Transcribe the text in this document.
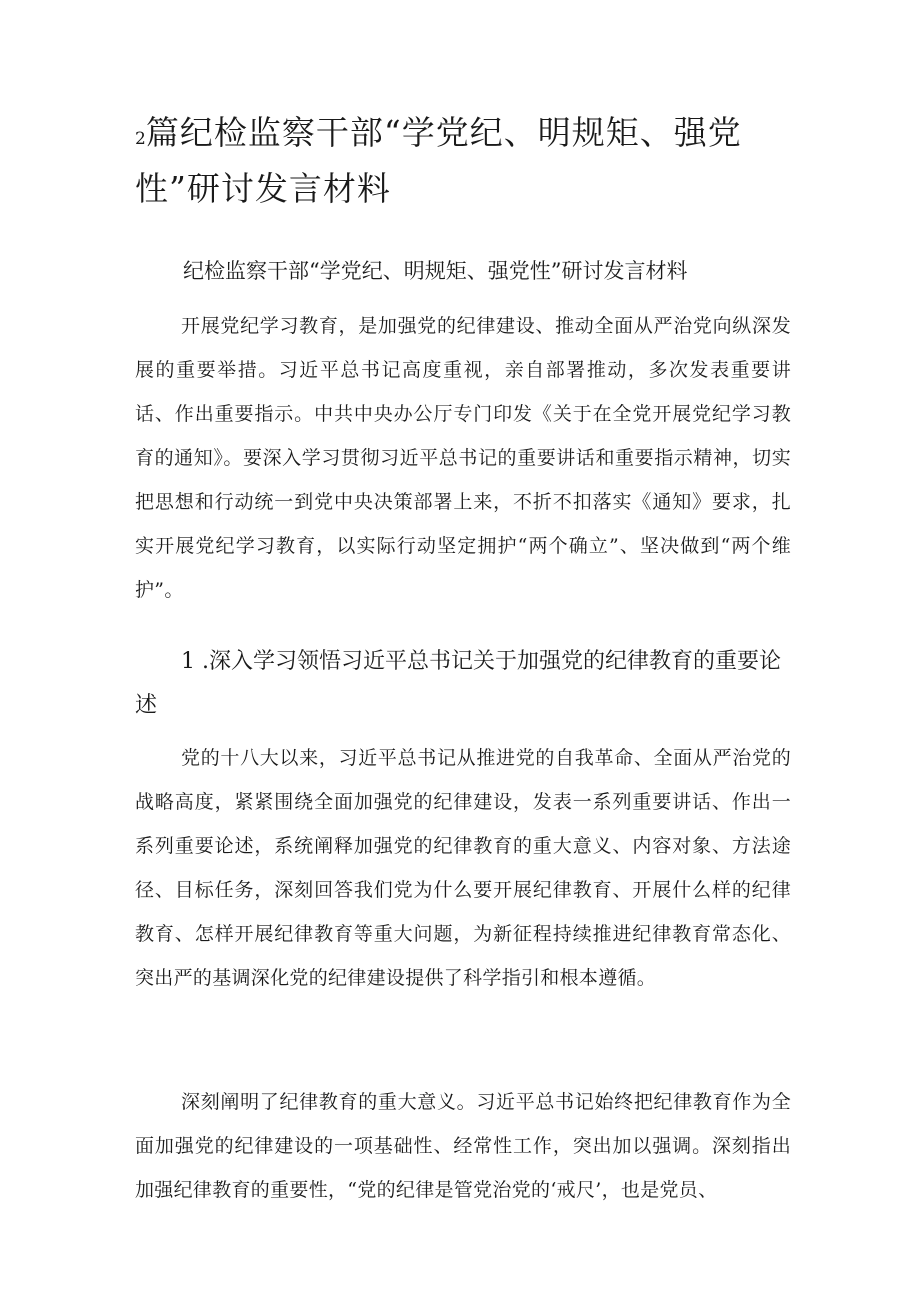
2篇纪检监察干部“学党纪、明规矩、强党性”研讨发言材料

纪检监察干部“学党纪、明规矩、强党性”研讨发言材料

开展党纪学习教育，是加强党的纪律建设、推动全面从严治党向纵深发展的重要举措。习近平总书记高度重视，亲自部署推动，多次发表重要讲话、作出重要指示。中共中央办公厅专门印发《关于在全党开展党纪学习教育的通知》。要深入学习贯彻习近平总书记的重要讲话和重要指示精神，切实把思想和行动统一到党中央决策部署上来，不折不扣落实《通知》要求，扎实开展党纪学习教育，以实际行动坚定拥护“两个确立”、坚决做到“两个维护”。

1 .深入学习领悟习近平总书记关于加强党的纪律教育的重要论述

党的十八大以来，习近平总书记从推进党的自我革命、全面从严治党的战略高度，紧紧围绕全面加强党的纪律建设，发表一系列重要讲话、作出一系列重要论述，系统阐释加强党的纪律教育的重大意义、内容对象、方法途径、目标任务，深刻回答我们党为什么要开展纪律教育、开展什么样的纪律教育、怎样开展纪律教育等重大问题，为新征程持续推进纪律教育常态化、突出严的基调深化党的纪律建设提供了科学指引和根本遵循。

深刻阐明了纪律教育的重大意义。习近平总书记始终把纪律教育作为全面加强党的纪律建设的一项基础性、经常性工作，突出加以强调。深刻指出加强纪律教育的重要性，“党的纪律是管党治党的‘戒尺’，也是党员、
